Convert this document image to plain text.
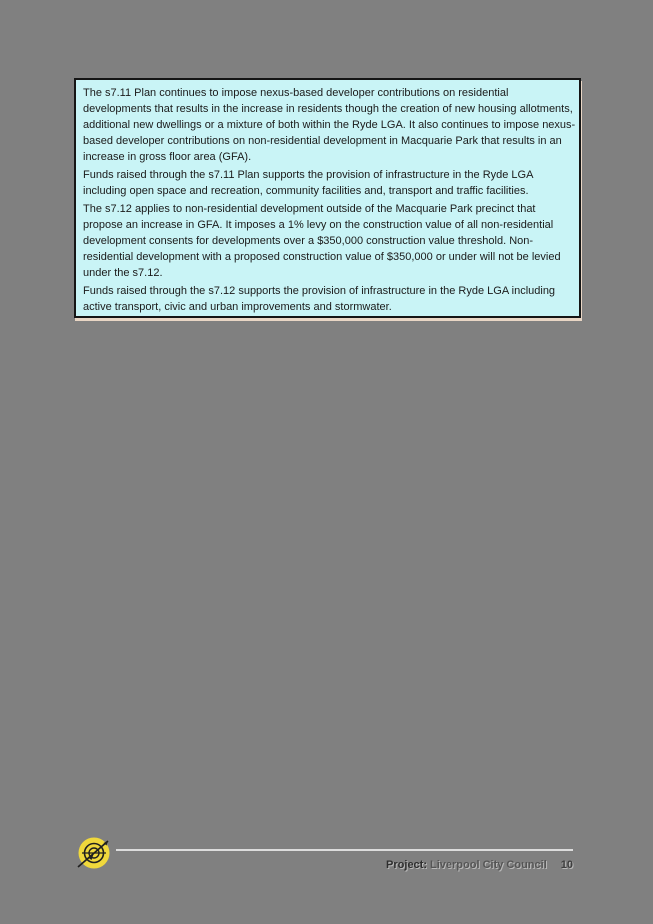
The s7.11 Plan continues to impose nexus-based developer contributions on residential
developments that results in the increase in residents though the creation of new housing allotments,
additional new dwellings or a mixture of both within the Ryde LGA. It also continues to impose nexus-
based developer contributions on non-residential development in Macquarie Park that results in an
increase in gross floor area (GFA).
Funds raised through the s7.11 Plan supports the provision of infrastructure in the Ryde LGA
including open space and recreation, community facilities and, transport and traffic facilities.
The s7.12 applies to non-residential development outside of the Macquarie Park precinct that
propose an increase in GFA. It imposes a 1% levy on the construction value of all non-residential
development consents for developments over a $350,000 construction value threshold. Non-
residential development with a proposed construction value of $350,000 or under will not be levied
under the s7.12.
Funds raised through the s7.12 supports the provision of infrastructure in the Ryde LGA including
active transport, civic and urban improvements and stormwater.
Project: Liverpool City Council 10
